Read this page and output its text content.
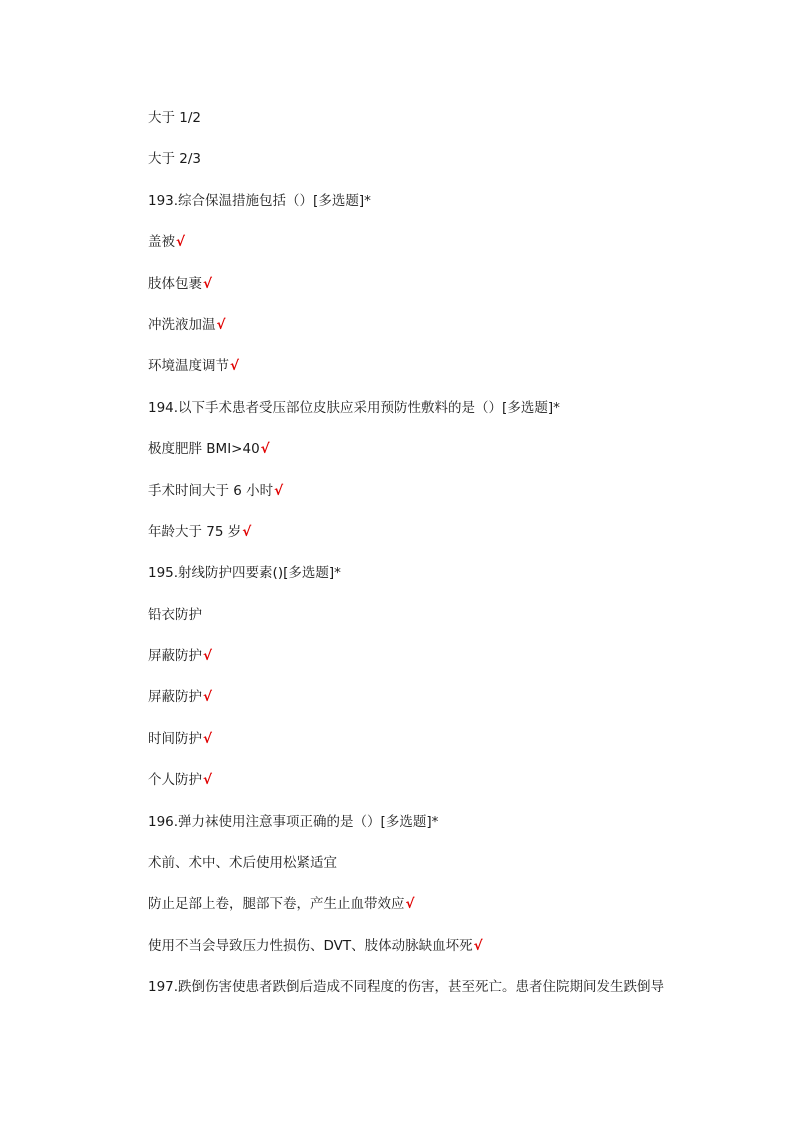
大于 1/2
大于 2/3
193.综合保温措施包括（）[多选题]*
盖被√
肢体包裹√
冲洗液加温√
环境温度调节√
194.以下手术患者受压部位皮肤应采用预防性敷料的是（）[多选题]*
极度肥胖 BMI>40√
手术时间大于 6 小时√
年龄大于 75 岁√
195.射线防护四要素()[多选题]*
铅衣防护
屏蔽防护√
屏蔽防护√
时间防护√
个人防护√
196.弹力袜使用注意事项正确的是（）[多选题]*
术前、术中、术后使用松紧适宜
防止足部上卷，腿部下卷，产生止血带效应√
使用不当会导致压力性损伤、DVT、肢体动脉缺血坏死√
197.跌倒伤害使患者跌倒后造成不同程度的伤害，甚至死亡。患者住院期间发生跌倒导
